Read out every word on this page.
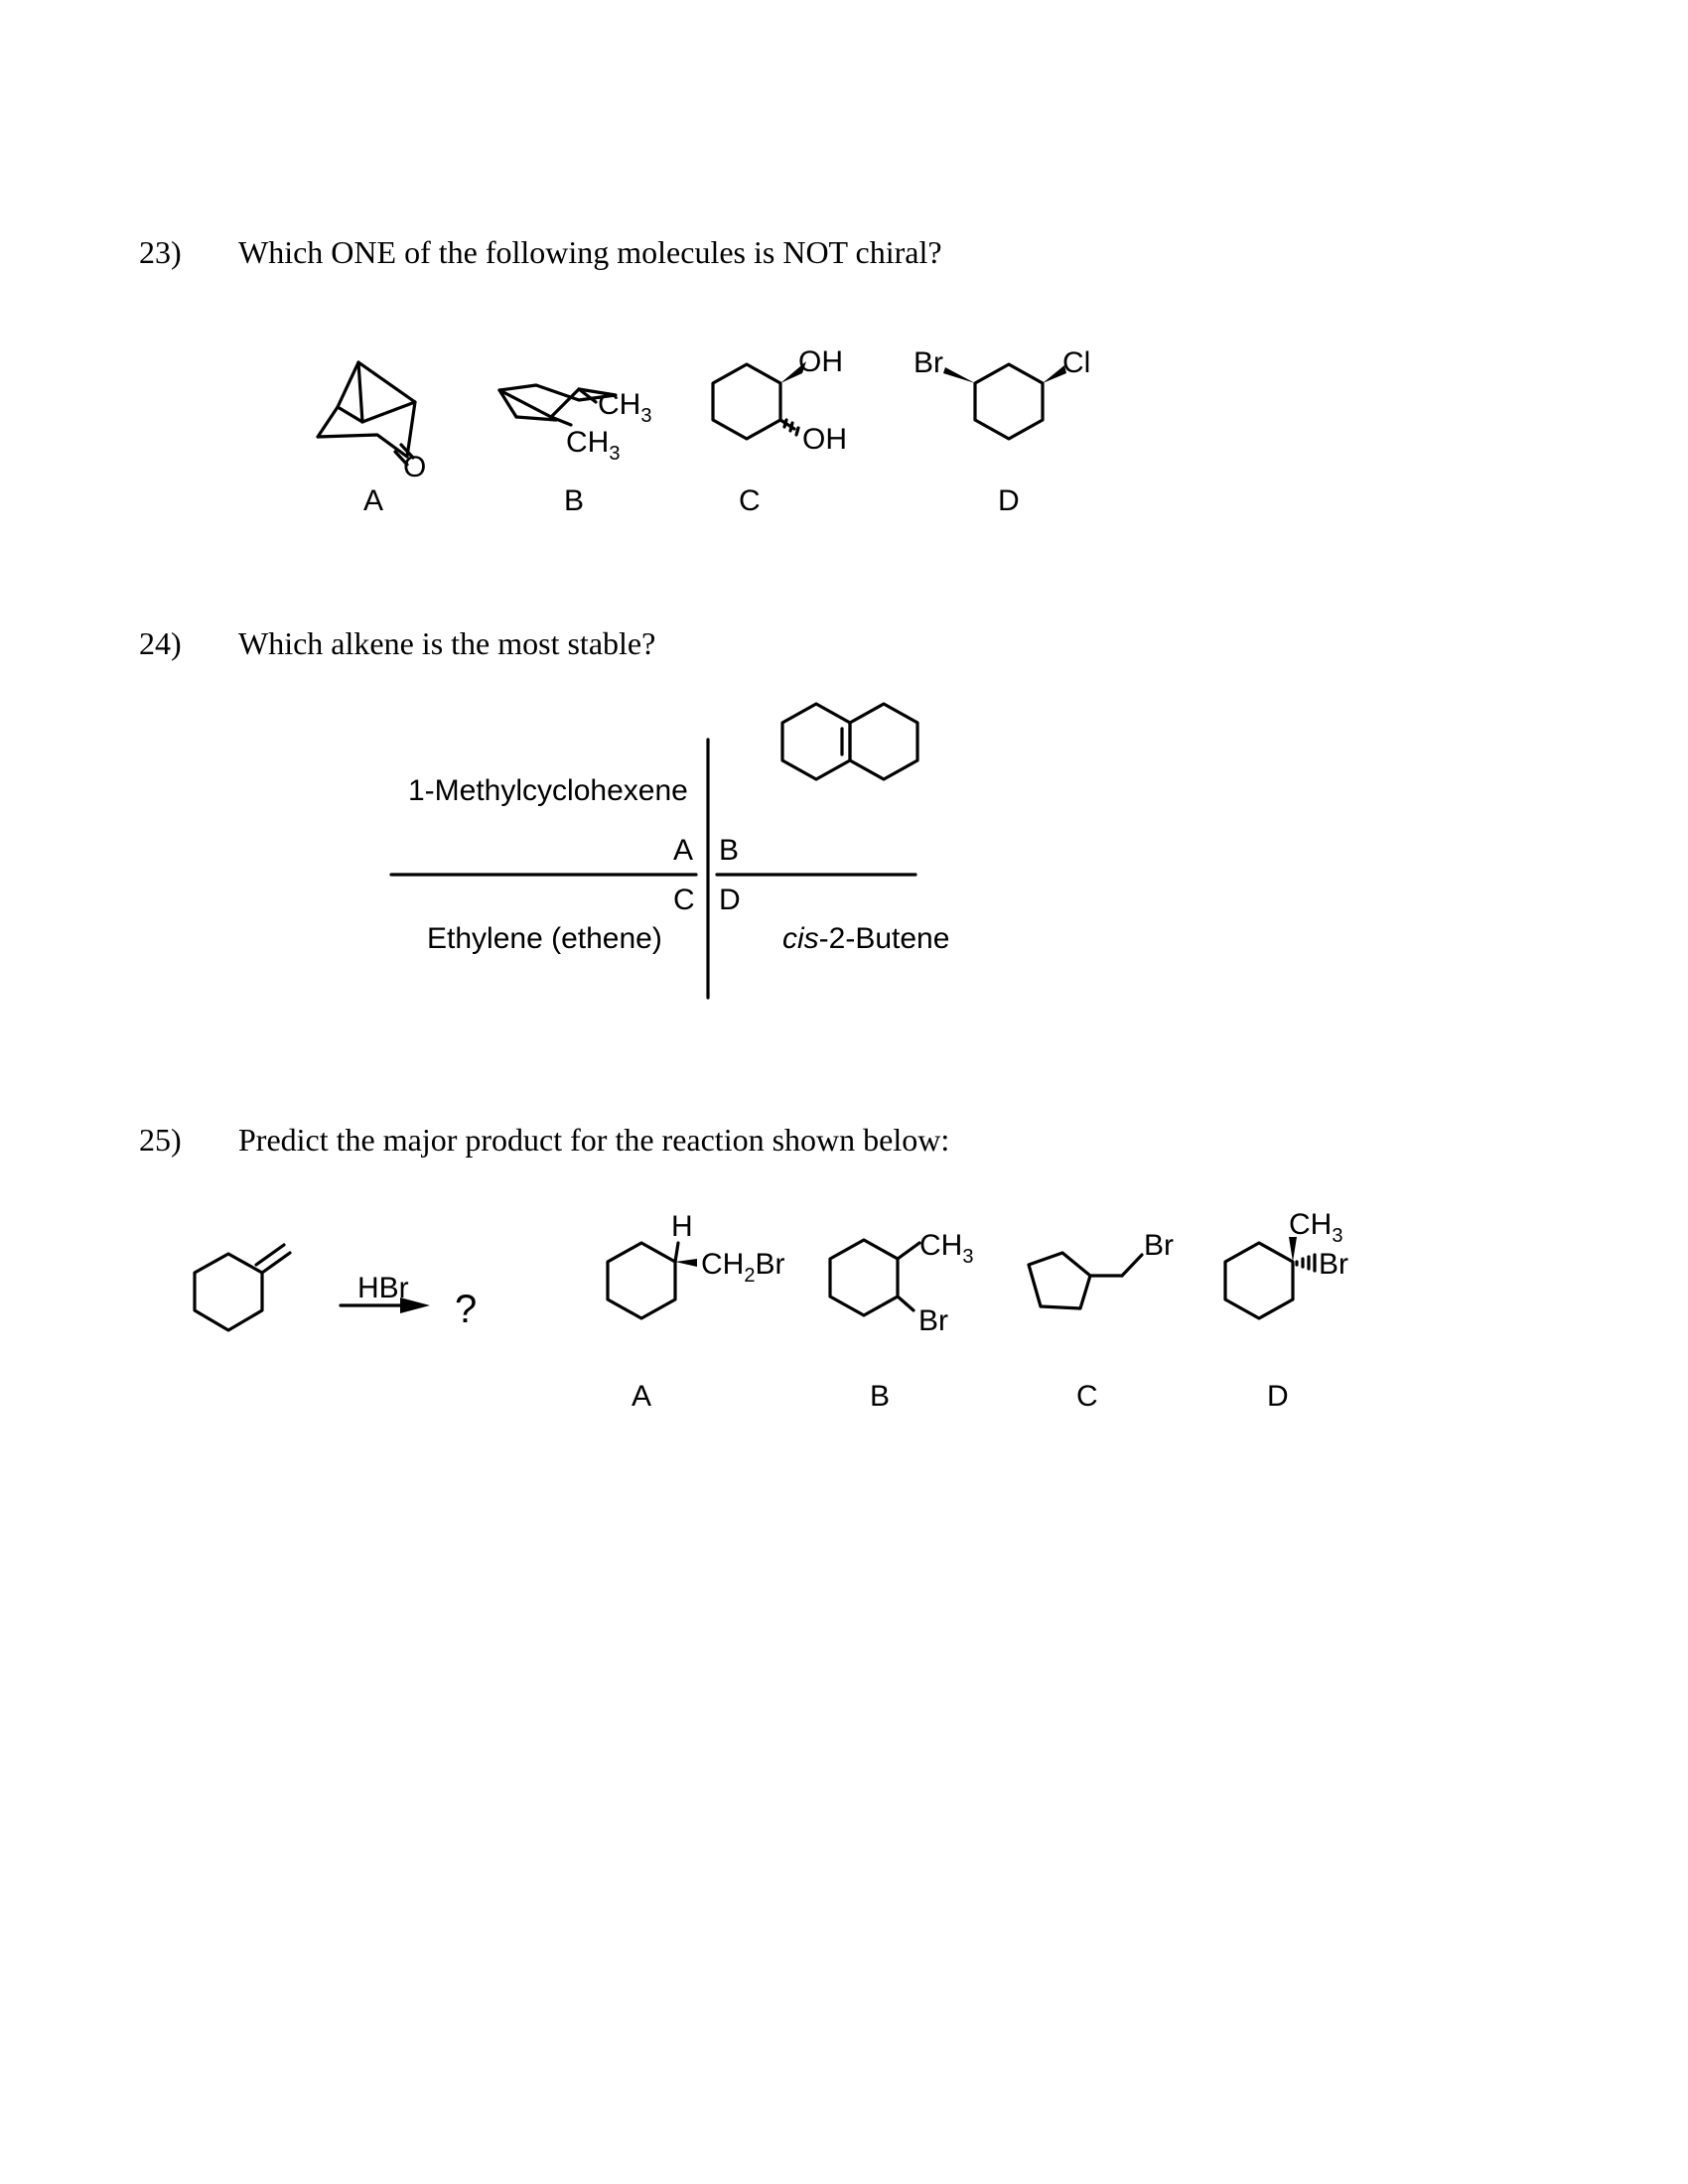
23) Which ONE of the following molecules is NOT chiral?
24) Which alkene is the most stable?
25) Predict the major product for the reaction shown below:
O
A
$CH_3$
$CH_3$
B
OH
OH
C
Br	Cl
D
A B
C D
1-Methylcyclohexene
Ethylene (ethene)	cis-2-Butene
HBr ?
H
$CH_2Br$
A
$CH_3$
Br
B
Br
C
$CH_3$
Br
D
